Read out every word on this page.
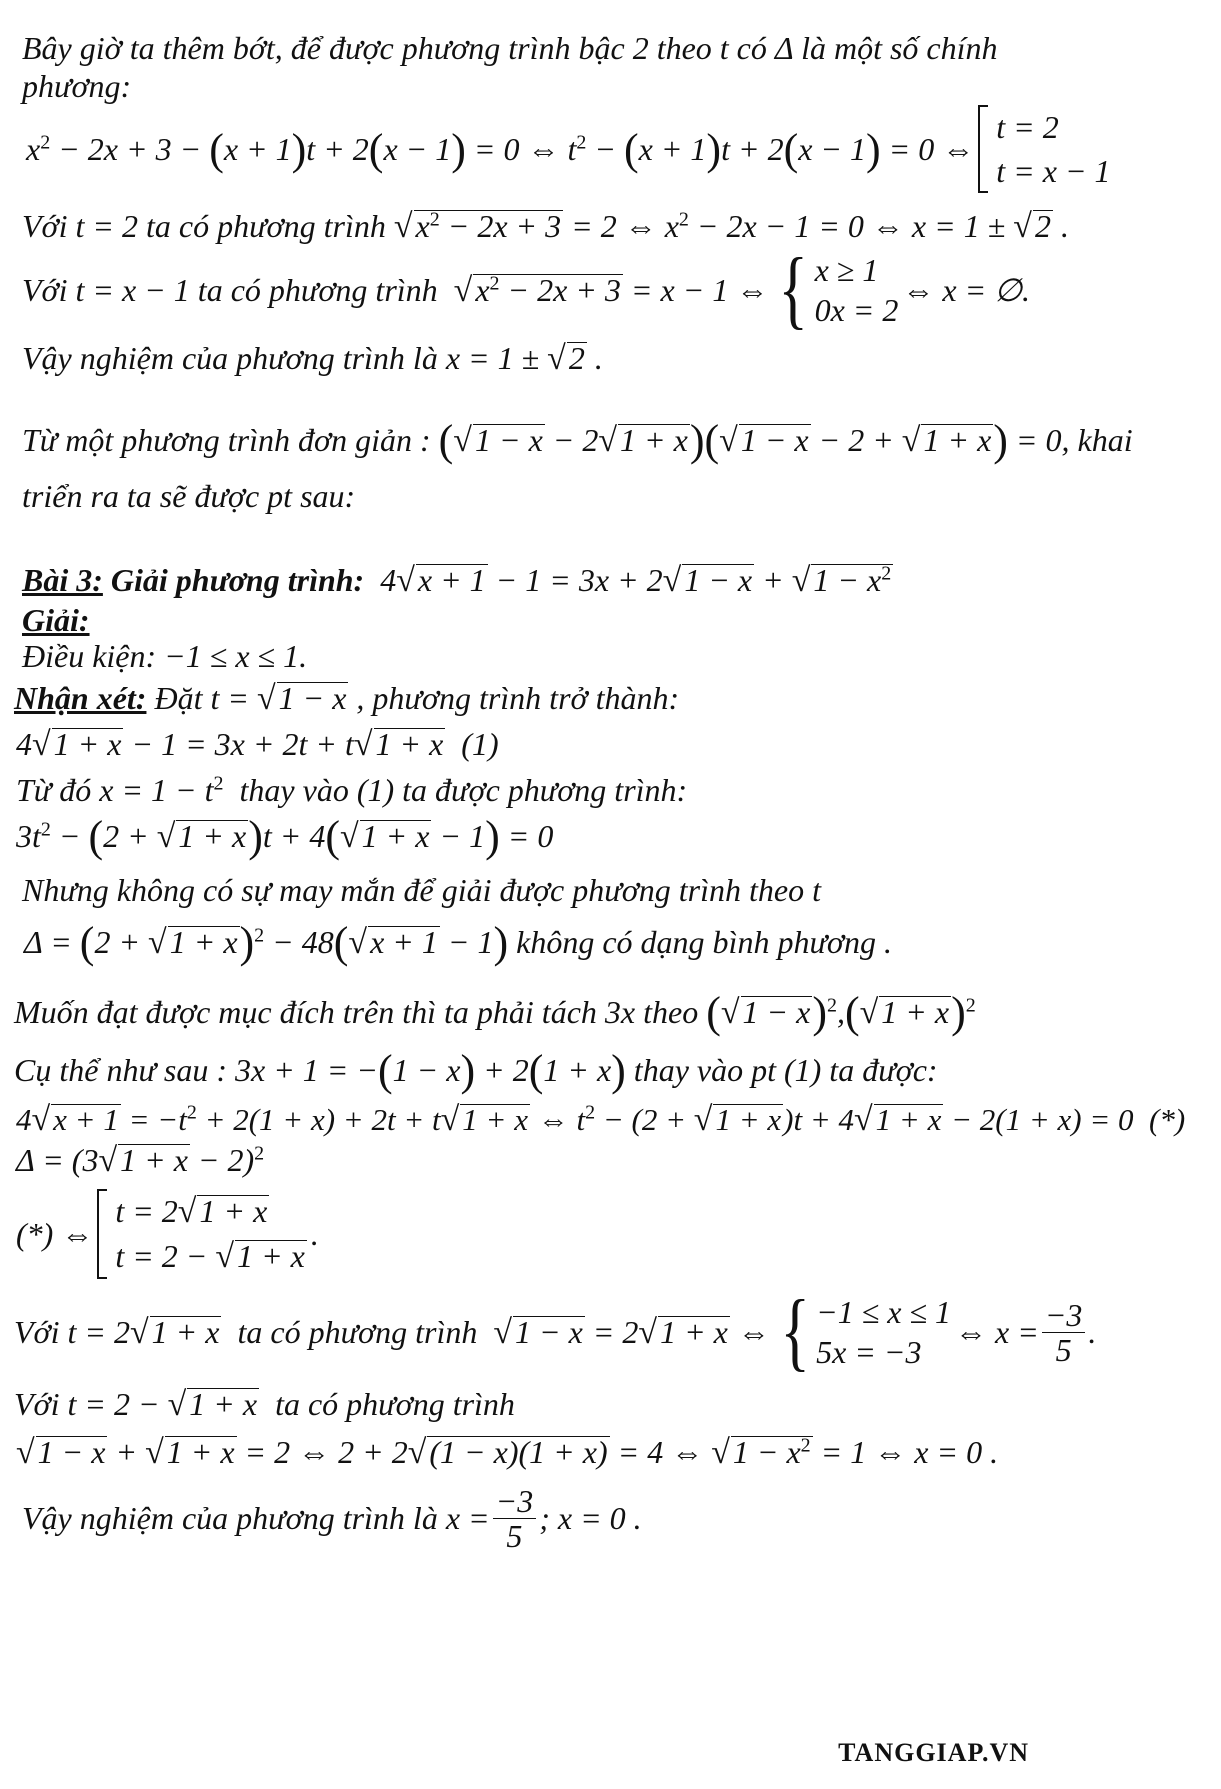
Bây giờ ta thêm bớt, để được phương trình bậc 2 theo t có Δ là một số chính
phương:
$x^2 - 2x + 3 - (x + 1)t + 2(x - 1) = 0$ ⇔ $t^2 - (x + 1)t + 2(x - 1) = 0$ ⇔
t = 2
t = x − 1
Với t = 2 ta có phương trình $√x^2 - 2x + 3 = 2$ ⇔ $x^2 - 2x - 1 = 0$ ⇔ x = 1 ± √2 .
Với t = x − 1 ta có phương trình $√x^2 - 2x + 3 = x - 1$ ⇔ { x ≥ 1
0x = 2
⇔ x = ∅.
Vậy nghiệm của phương trình là x = 1 ± √2 .
Từ một phương trình đơn giản : (√1 − x − 2√1 + x)(√1 − x − 2 + √1 + x) = 0, khai
triển ra ta sẽ được pt sau:
Bài 3: Giải phương trình:  $4√x + 1 - 1 = 3x + 2√1 - x + √1 - x^2$
Giải:
Điều kiện: −1 ≤ x ≤ 1.
Nhận xét: Đặt t = √1 − x , phương trình trở thành:
4√1 + x − 1 = 3x + 2t + t√1 + x (1)
Từ đó $x = 1 - t^2$ thay vào (1) ta được phương trình:
$3t^2 - (2 + √1 + x)t + 4(√1 + x - 1) = 0$
Nhưng không có sự may mắn để giải được phương trình theo t
$\Delta = (2 + √1 + x)^2 - 48(√x + 1 - 1)$ không có dạng bình phương .
Muốn đạt được mục đích trên thì ta phải tách 3x theo $(√1 - x)^2,(√1 + x)^2$
Cụ thể như sau : 3x + 1 = −(1 − x) + 2(1 + x) thay vào pt (1) ta được:
$4√x + 1 = -t^2 + 2(1 + x) + 2t + t√1 + x$ ⇔ $t^2 - (2 + √1 + x)t + 4√1 + x - 2(1 + x) = 0$  (*)
$\Delta = (3√1 + x - 2)^2$
(*) ⇔
t = 2√1 + x
t = 2 − √1 + x
.
Với t = 2√1 + x ta có phương trình √1 − x = 2√1 + x ⇔ { −1 ≤ x ≤ 1
5x = −3
⇔ $x = \frac{-3}{5}$ .
Với t = 2 − √1 + x ta có phương trình
√1 − x + √1 + x = 2 ⇔ 2 + 2√(1 − x)(1 + x) = 4 ⇔ $√1 - x^2 = 1$ ⇔ x = 0 .
Vậy nghiệm của phương trình là
$x = \frac{-3}{5}$ ; x = 0 .
TANGGIAP.VN
